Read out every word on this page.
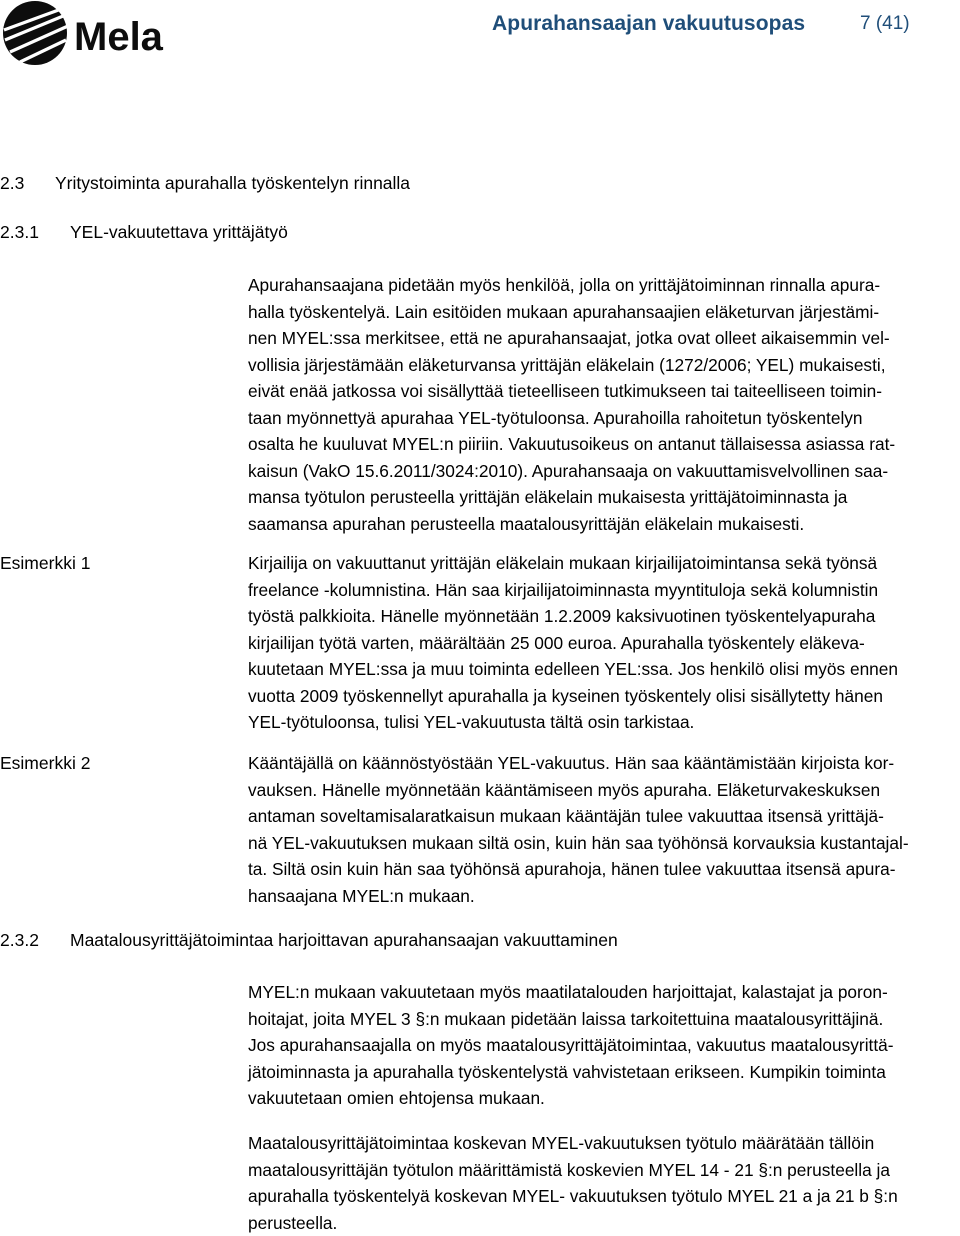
Mela	Apurahansaajan vakuutusopas	7 (41)
2.3 Yritystoiminta apurahalla työskentelyn rinnalla
2.3.1 YEL-vakuutettava yrittäjätyö
Apurahansaajana pidetään myös henkilöä, jolla on yrittäjätoiminnan rinnalla apura-
halla työskentelyä. Lain esitöiden mukaan apurahansaajien eläketurvan järjestämi-
nen MYEL:ssa merkitsee, että ne apurahansaajat, jotka ovat olleet aikaisemmin vel-
vollisia järjestämään eläketurvansa yrittäjän eläkelain (1272/2006; YEL) mukaisesti,
eivät enää jatkossa voi sisällyttää tieteelliseen tutkimukseen tai taiteelliseen toimin-
taan myönnettyä apurahaa YEL-työtuloonsa. Apurahoilla rahoitetun työskentelyn
osalta he kuuluvat MYEL:n piiriin. Vakuutusoikeus on antanut tällaisessa asiassa rat-
kaisun (VakO 15.6.2011/3024:2010). Apurahansaaja on vakuuttamisvelvollinen saa-
mansa työtulon perusteella yrittäjän eläkelain mukaisesta yrittäjätoiminnasta ja
saamansa apurahan perusteella maatalousyrittäjän eläkelain mukaisesti.
Esimerkki 1	Kirjailija on vakuuttanut yrittäjän eläkelain mukaan kirjailijatoimintansa sekä työnsä
freelance -kolumnistina. Hän saa kirjailijatoiminnasta myyntituloja sekä kolumnistin
työstä palkkioita. Hänelle myönnetään 1.2.2009 kaksivuotinen työskentelyapuraha
kirjailijan työtä varten, määrältään 25 000 euroa. Apurahalla työskentely eläkeva-
kuutetaan MYEL:ssa ja muu toiminta edelleen YEL:ssa. Jos henkilö olisi myös ennen
vuotta 2009 työskennellyt apurahalla ja kyseinen työskentely olisi sisällytetty hänen
YEL-työtuloonsa, tulisi YEL-vakuutusta tältä osin tarkistaa.
Esimerkki 2	Kääntäjällä on käännöstyöstään YEL-vakuutus. Hän saa kääntämistään kirjoista kor-
vauksen. Hänelle myönnetään kääntämiseen myös apuraha. Eläketurvakeskuksen
antaman soveltamisalaratkaisun mukaan kääntäjän tulee vakuuttaa itsensä yrittäjä-
nä YEL-vakuutuksen mukaan siltä osin, kuin hän saa työhönsä korvauksia kustantajal-
ta. Siltä osin kuin hän saa työhönsä apurahoja, hänen tulee vakuuttaa itsensä apura-
hansaajana MYEL:n mukaan.
2.3.2 Maatalousyrittäjätoimintaa harjoittavan apurahansaajan vakuuttaminen
MYEL:n mukaan vakuutetaan myös maatilatalouden harjoittajat, kalastajat ja poron-
hoitajat, joita MYEL 3 §:n mukaan pidetään laissa tarkoitettuina maatalousyrittäjinä.
Jos apurahansaajalla on myös maatalousyrittäjätoimintaa, vakuutus maatalousyrittä-
jätoiminnasta ja apurahalla työskentelystä vahvistetaan erikseen. Kumpikin toiminta
vakuutetaan omien ehtojensa mukaan.
Maatalousyrittäjätoimintaa koskevan MYEL-vakuutuksen työtulo määrätään tällöin
maatalousyrittäjän työtulon määrittämistä koskevien MYEL 14 - 21 §:n perusteella ja
apurahalla työskentelyä koskevan MYEL- vakuutuksen työtulo MYEL 21 a ja 21 b §:n
perusteella.
